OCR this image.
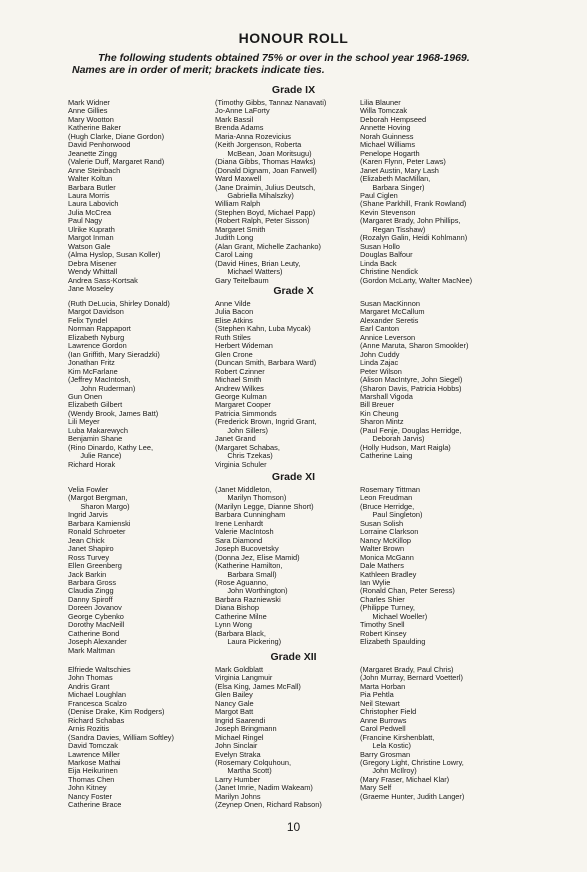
HONOUR ROLL
The following students obtained 75% or over in the school year 1968-1969.
Names are in order of merit; brackets indicate ties.
Grade IX
Mark Widner
Anne Gillies
Mary Wootton
Katherine Baker
(Hugh Clarke, Diane Gordon)
David Penhorwood
Jeanette Zingg
(Valerie Duff, Margaret Rand)
Anne Steinbach
Walter Koltun
Barbara Butler
Laura Morris
Laura Labovich
Julia McCrea
Paul Nagy
Ulrike Kuprath
Margot Inman
Watson Gale
(Alma Hyslop, Susan Koller)
Debra Misener
Wendy Whittall
Andrea Sass-Kortsak
Jane Moseley
(Timothy Gibbs, Tannaz Nanavati)
Jo-Anne LaForty
Mark Bassil
Brenda Adams
Maria-Anna Rozevicius
(Keith Jorgenson, Roberta
McBean, Joan Moritsugu)
(Diana Gibbs, Thomas Hawks)
(Donald Dignam, Joan Farwell)
Ward Maxwell
(Jane Draimin, Julius Deutsch,
Gabriella Mihalszky)
William Ralph
(Stephen Boyd, Michael Papp)
(Robert Ralph, Peter Sisson)
Margaret Smith
Judith Long
(Alan Grant, Michelle Zachanko)
Carol Laing
(David Hines, Brian Leuty,
Michael Watters)
Gary Teitelbaum
Lilia Blauner
Willa Tomczak
Deborah Hempseed
Annette Hoving
Norah Guinness
Michael Williams
Penelope Hogarth
(Karen Flynn, Peter Laws)
Janet Austin, Mary Lash
(Elizabeth MacMillan,
Barbara Singer)
Paul Ciglen
(Shane Parkhill, Frank Rowland)
Kevin Stevenson
(Margaret Brady, John Phillips,
Regan Tisshaw)
(Rozalyn Galin, Heidi Kohlmann)
Susan Hollo
Douglas Balfour
Linda Back
Christine Nendick
(Gordon McLarty, Walter MacNee)
Grade X
(Ruth DeLucia, Shirley Donald)
Margot Davidson
Felix Tyndel
Norman Rappaport
Elizabeth Nyburg
Lawrence Gordon
(Ian Griffith, Mary Sieradzki)
Jonathan Fritz
Kim McFarlane
(Jeffrey MacIntosh,
John Ruderman)
Gun Onen
Elizabeth Gilbert
(Wendy Brook, James Batt)
Lili Meyer
Luba Makarewych
Benjamin Shane
(Rino Dinardo, Kathy Lee,
Julie Rance)
Richard Horak
Anne Vilde
Julia Bacon
Elise Atkins
(Stephen Kahn, Luba Mycak)
Ruth Stiles
Herbert Wideman
Glen Crone
(Duncan Smith, Barbara Ward)
Robert Czinner
Michael Smith
Andrew Wilkes
George Kulman
Margaret Cooper
Patricia Simmonds
(Frederick Brown, Ingrid Grant,
John Sillers)
Janet Grand
(Margaret Schabas,
Chris Tzekas)
Virginia Schuler
Susan MacKinnon
Margaret McCallum
Alexander Seretis
Earl Canton
Annice Leverson
(Anne Maruta, Sharon Smookler)
John Cuddy
Linda Zajac
Peter Wilson
(Alison MacIntyre, John Siegel)
(Sharon Davis, Patricia Hobbs)
Marshall Vigoda
Bill Breuer
Kin Cheung
Sharon Mintz
(Paul Fenje, Douglas Herridge,
Deborah Jarvis)
(Holly Hudson, Mart Raigla)
Catherine Laing
Grade XI
Velia Fowler
(Margot Bergman,
Sharon Margo)
Ingrid Jarvis
Barbara Kamienski
Ronald Schroeter
Jean Chick
Janet Shapiro
Ross Turvey
Ellen Greenberg
Jack Barkin
Barbara Gross
Claudia Zingg
Danny Spiroff
Doreen Jovanov
George Cybenko
Dorothy MacNeill
Catherine Bond
Joseph Alexander
Mark Maltman
(Janet Middleton,
Marilyn Thomson)
(Marilyn Legge, Dianne Short)
Barbara Cunningham
Irene Lenhardt
Valerie MacIntosh
Sara Diamond
Joseph Bucovetsky
(Donna Jez, Elise Mamid)
(Katherine Hamilton,
Barbara Small)
(Rose Aguanno,
John Worthington)
Barbara Razniewski
Diana Bishop
Catherine Milne
Lynn Wong
(Barbara Black,
Laura Pickering)
Rosemary Tittman
Leon Freudman
(Bruce Herridge,
Paul Singleton)
Susan Solish
Lorraine Clarkson
Nancy McKillop
Walter Brown
Monica McGann
Dale Mathers
Kathleen Bradley
Ian Wylie
(Ronald Chan, Peter Seress)
Charles Shier
(Philippe Turney,
Michael Woeller)
Timothy Snell
Robert Kinsey
Elizabeth Spaulding
Grade XII
Elfriede Waltschies
John Thomas
Andris Grant
Michael Loughlan
Francesca Scalzo
(Denise Drake, Kim Rodgers)
Richard Schabas
Arnis Rozitis
(Sandra Davies, William Softley)
David Tomczak
Lawrence Miller
Markose Mathai
Eija Heikurinen
Thomas Chen
John Kitney
Nancy Foster
Catherine Brace
Mark Goldblatt
Virginia Langmuir
(Elsa King, James McFall)
Glen Bailey
Nancy Gale
Margot Batt
Ingrid Saarendi
Joseph Bringmann
Michael Ringel
John Sinclair
Evelyn Straka
(Rosemary Colquhoun,
Martha Scott)
Larry Humber
(Janet Imrie, Nadim Wakeam)
Marilyn Johns
(Zeynep Onen, Richard Rabson)
(Margaret Brady, Paul Chris)
(John Murray, Bernard Voetterl)
Marta Horban
Pia Pehtla
Neil Stewart
Christopher Field
Anne Burrows
Carol Pedwell
(Francine Kirshenblatt,
Lela Kostic)
Barry Grosman
(Gregory Light, Christine Lowry,
John McIlroy)
(Mary Fraser, Michael Klar)
Mary Self
(Graeme Hunter, Judith Langer)
10
